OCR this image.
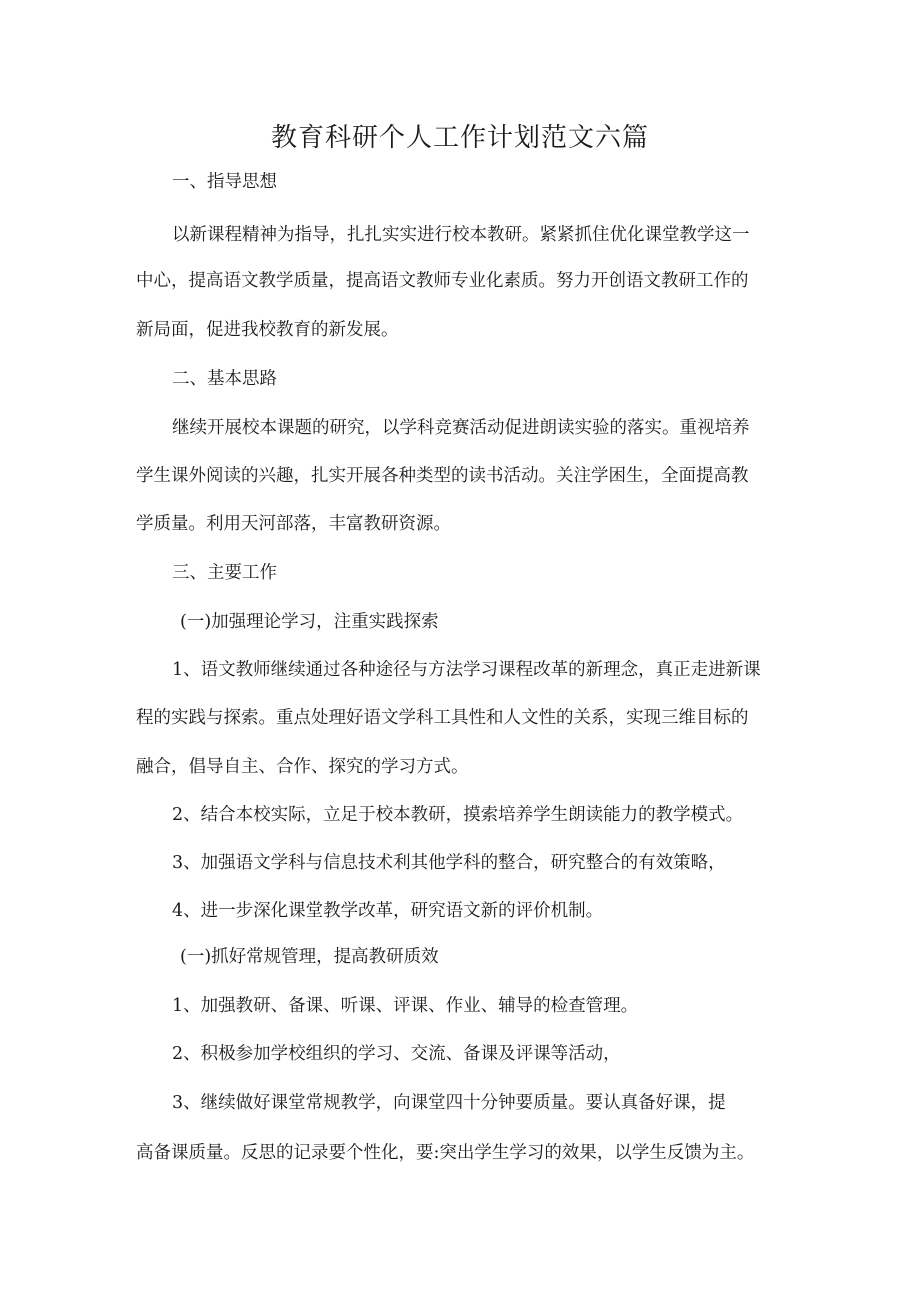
教育科研个人工作计划范文六篇
一、指导思想
以新课程精神为指导，扎扎实实进行校本教研。紧紧抓住优化课堂教学这一
中心，提高语文教学质量，提高语文教师专业化素质。努力开创语文教研工作的
新局面，促进我校教育的新发展。
二、基本思路
继续开展校本课题的研究，以学科竞赛活动促进朗读实验的落实。重视培养
学生课外阅读的兴趣，扎实开展各种类型的读书活动。关注学困生，全面提高教
学质量。利用天河部落，丰富教研资源。
三、主要工作
(一)加强理论学习，注重实践探索
1、语文教师继续通过各种途径与方法学习课程改革的新理念，真正走进新课
程的实践与探索。重点处理好语文学科工具性和人文性的关系，实现三维目标的
融合，倡导自主、合作、探究的学习方式。
2、结合本校实际，立足于校本教研，摸索培养学生朗读能力的教学模式。
3、加强语文学科与信息技术利其他学科的整合，研究整合的有效策略，
4、进一步深化课堂教学改革，研究语文新的评价机制。
(一)抓好常规管理，提高教研质效
1、加强教研、备课、听课、评课、作业、辅导的检查管理。
2、积极参加学校组织的学习、交流、备课及评课等活动，
3、继续做好课堂常规教学，向课堂四十分钟要质量。要认真备好课，提
高备课质量。反思的记录要个性化，要:突出学生学习的效果，以学生反馈为主。
